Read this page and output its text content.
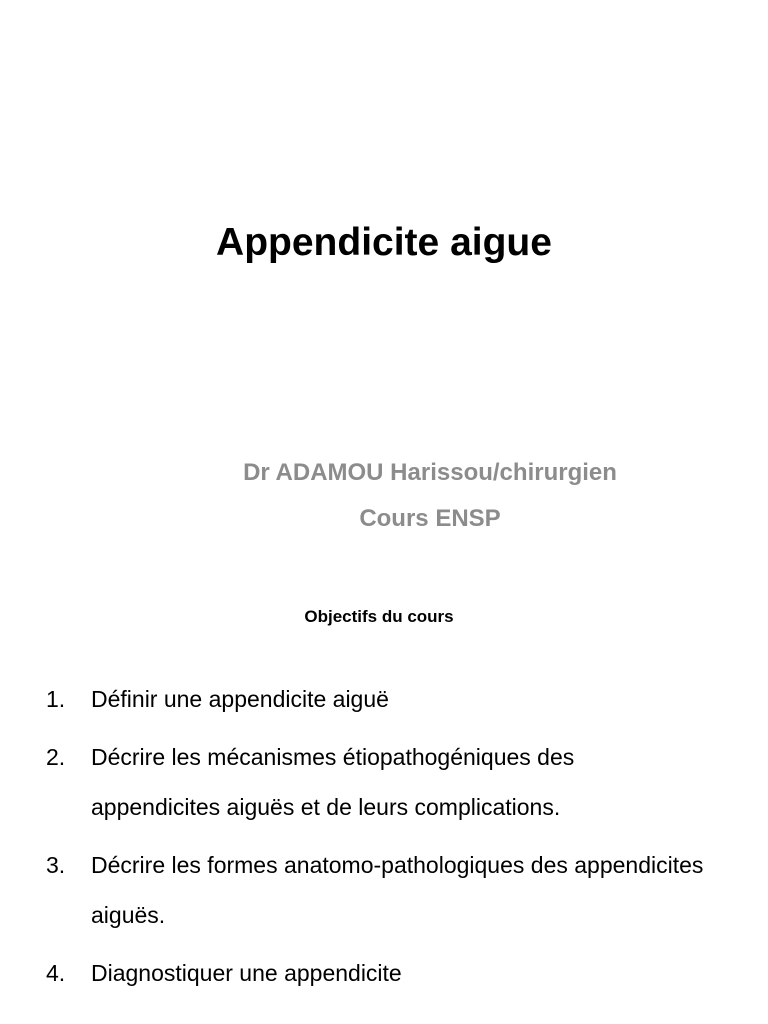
Appendicite aigue
Dr ADAMOU Harissou/chirurgien
Cours ENSP
Objectifs du cours
1. Définir une appendicite aiguë
2. Décrire les mécanismes étiopathogéniques des appendicites aiguës et de leurs complications.
3. Décrire les formes anatomo-pathologiques des appendicites aiguës.
4. Diagnostiquer une appendicite
